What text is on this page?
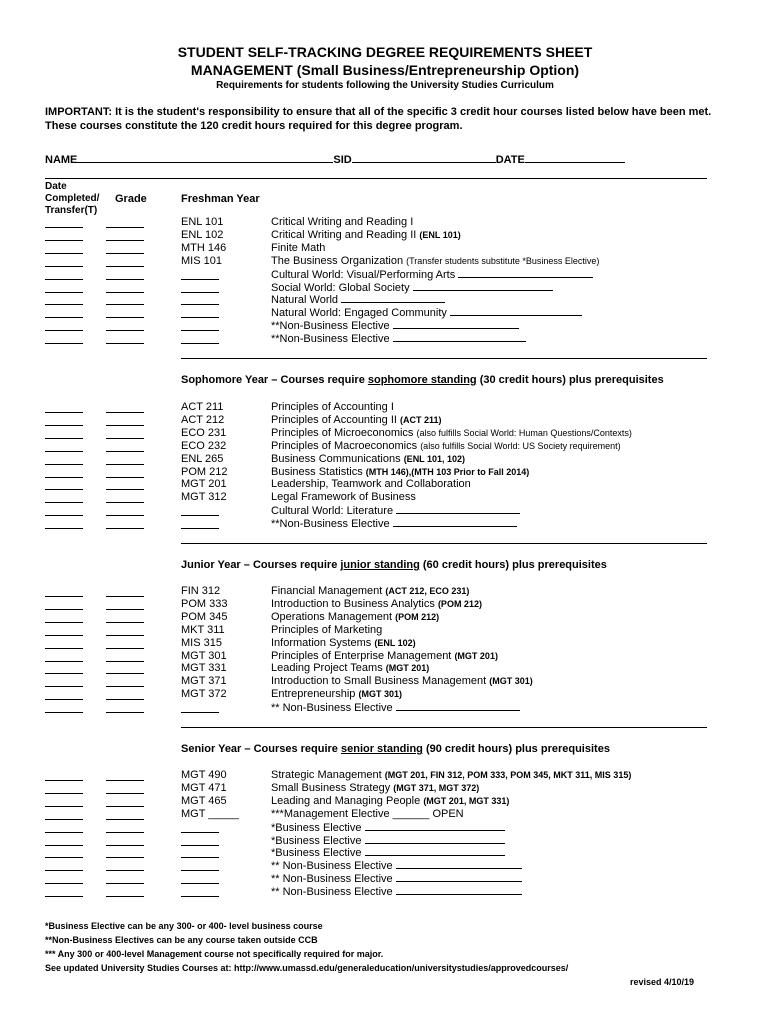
STUDENT SELF-TRACKING DEGREE REQUIREMENTS SHEET
MANAGEMENT (Small Business/Entrepreneurship Option)
Requirements for students following the University Studies Curriculum
IMPORTANT: It is the student's responsibility to ensure that all of the specific 3 credit hour courses listed below have been met. These courses constitute the 120 credit hours required for this degree program.
NAME	SID	DATE
Date
Completed/
Transfer(T)
Grade	Freshman Year
ENL 101	Critical Writing and Reading I
ENL 102	Critical Writing and Reading II (ENL 101)
MTH 146	Finite Math
MIS 101	The Business Organization (Transfer students substitute *Business Elective)
Cultural World: Visual/Performing Arts
Social World: Global Society
Natural World
Natural World: Engaged Community
**Non-Business Elective
**Non-Business Elective
ACT 211	Principles of Accounting I
ACT 212	Principles of Accounting II (ACT 211)
ECO 231	Principles of Microeconomics (also fulfills Social World: Human Questions/Contexts)
ECO 232	Principles of Macroeconomics (also fulfills Social World: US Society requirement)
ENL 265	Business Communications (ENL 101, 102)
POM 212	Business Statistics (MTH 146),(MTH 103 Prior to Fall 2014)
MGT 201	Leadership, Teamwork and Collaboration
MGT 312	Legal Framework of Business
Cultural World: Literature
**Non-Business Elective
FIN 312	Financial Management (ACT 212, ECO 231)
POM 333	Introduction to Business Analytics (POM 212)
POM 345	Operations Management (POM 212)
MKT 311	Principles of Marketing
MIS 315	Information Systems (ENL 102)
MGT 301	Principles of Enterprise Management (MGT 201)
MGT 331	Leading Project Teams (MGT 201)
MGT 371	Introduction to Small Business Management (MGT 301)
MGT 372	Entrepreneurship (MGT 301)
** Non-Business Elective
MGT 490	Strategic Management (MGT 201, FIN 312, POM 333, POM 345, MKT 311, MIS 315)
MGT 471	Small Business Strategy (MGT 371, MGT 372)
MGT 465	Leading and Managing People (MGT 201, MGT 331)
MGT _____	***Management Elective ______ OPEN
*Business Elective
*Business Elective
*Business Elective
** Non-Business Elective
** Non-Business Elective
** Non-Business Elective
Sophomore Year – Courses require sophomore standing (30 credit hours) plus prerequisites
Junior Year – Courses require junior standing (60 credit hours) plus prerequisites
Senior Year – Courses require senior standing (90 credit hours) plus prerequisites
*Business Elective can be any 300- or 400- level business course
**Non-Business Electives can be any course taken outside CCB
*** Any 300 or 400-level Management course not specifically required for major.
See updated University Studies Courses at: http://www.umassd.edu/generaleducation/universitystudies/approvedcourses/
revised 4/10/19
